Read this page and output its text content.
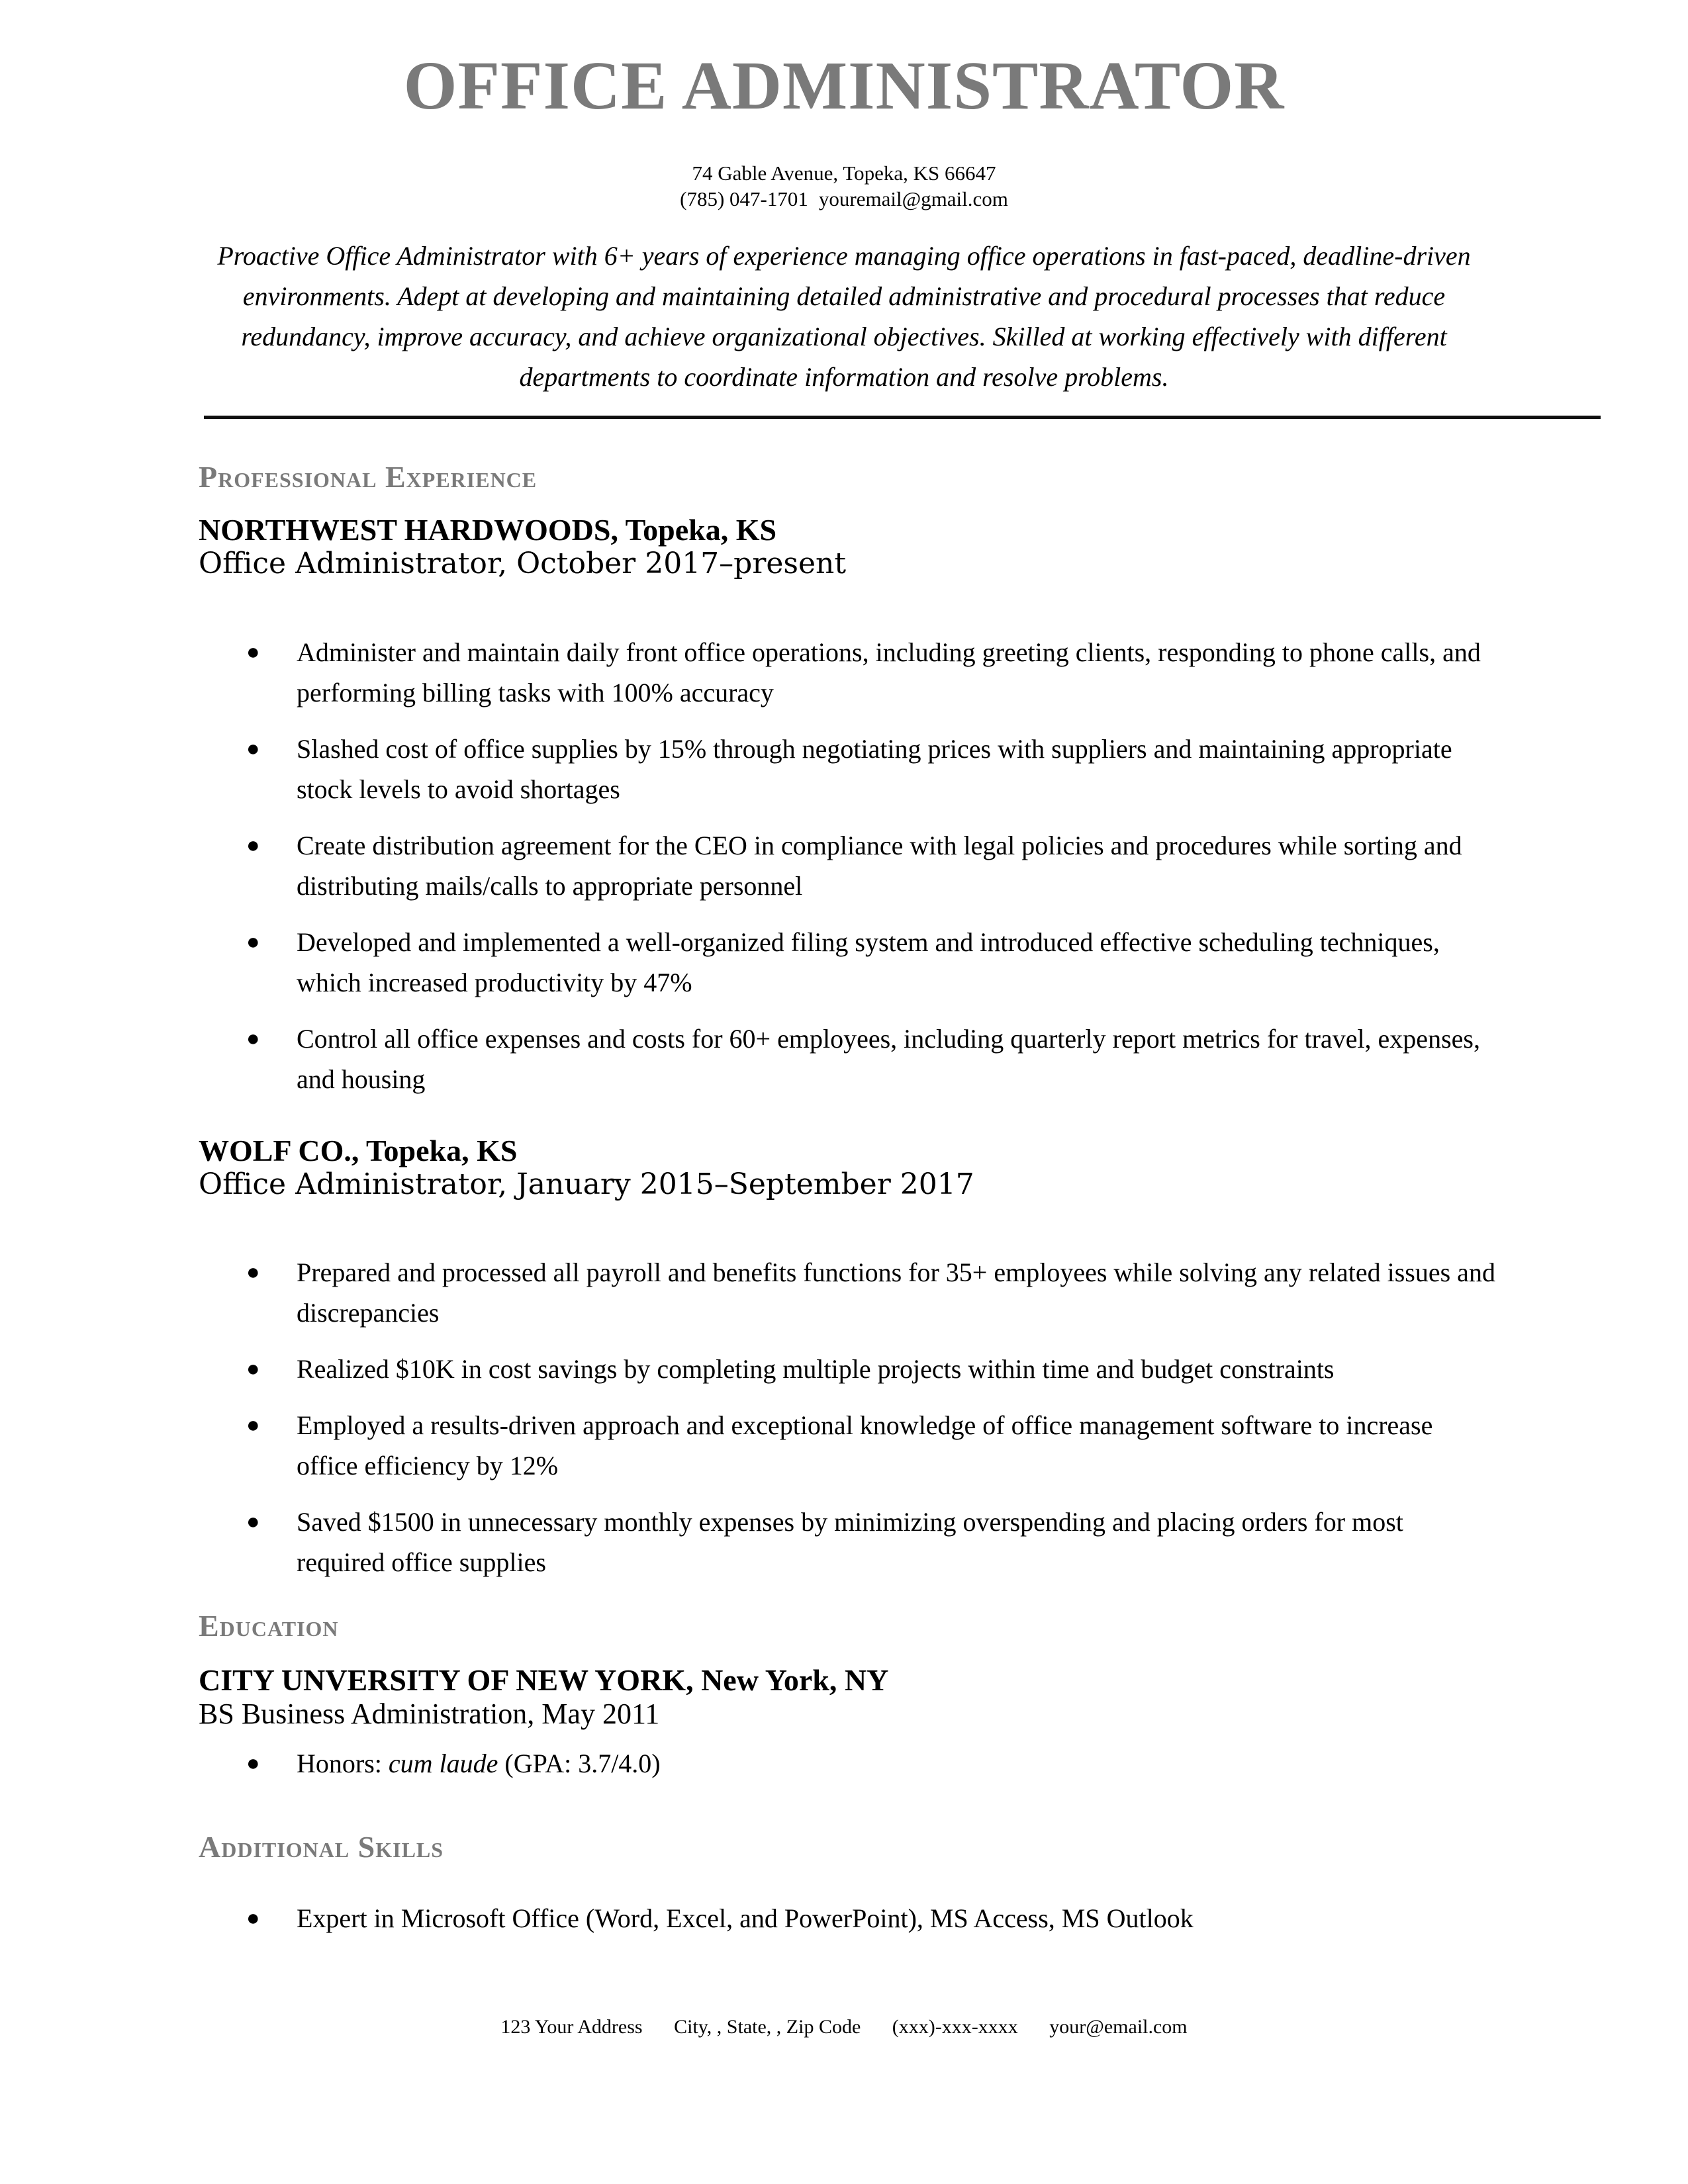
OFFICE ADMINISTRATOR
74 Gable Avenue, Topeka, KS 66647
(785) 047-1701 youremail@gmail.com
Proactive Office Administrator with 6+ years of experience managing office operations in fast-paced, deadline-driven environments. Adept at developing and maintaining detailed administrative and procedural processes that reduce redundancy, improve accuracy, and achieve organizational objectives. Skilled at working effectively with different departments to coordinate information and resolve problems.
Professional Experience
NORTHWEST HARDWOODS, Topeka, KS
Office Administrator, October 2017–present
● Administer and maintain daily front office operations, including greeting clients, responding to phone calls, and performing billing tasks with 100% accuracy
● Slashed cost of office supplies by 15% through negotiating prices with suppliers and maintaining appropriate stock levels to avoid shortages
● Create distribution agreement for the CEO in compliance with legal policies and procedures while sorting and distributing mails/calls to appropriate personnel
● Developed and implemented a well-organized filing system and introduced effective scheduling techniques, which increased productivity by 47%
● Control all office expenses and costs for 60+ employees, including quarterly report metrics for travel, expenses, and housing
WOLF CO., Topeka, KS
Office Administrator, January 2015–September 2017
● Prepared and processed all payroll and benefits functions for 35+ employees while solving any related issues and discrepancies
● Realized $10K in cost savings by completing multiple projects within time and budget constraints
● Employed a results-driven approach and exceptional knowledge of office management software to increase office efficiency by 12%
● Saved $1500 in unnecessary monthly expenses by minimizing overspending and placing orders for most required office supplies
Education
CITY UNVERSITY OF NEW YORK, New York, NY
BS Business Administration, May 2011
● Honors: cum laude (GPA: 3.7/4.0)
Additional Skills
● Expert in Microsoft Office (Word, Excel, and PowerPoint), MS Access, MS Outlook
123 Your Address City, , State, , Zip Code (xxx)-xxx-xxxx your@email.com
